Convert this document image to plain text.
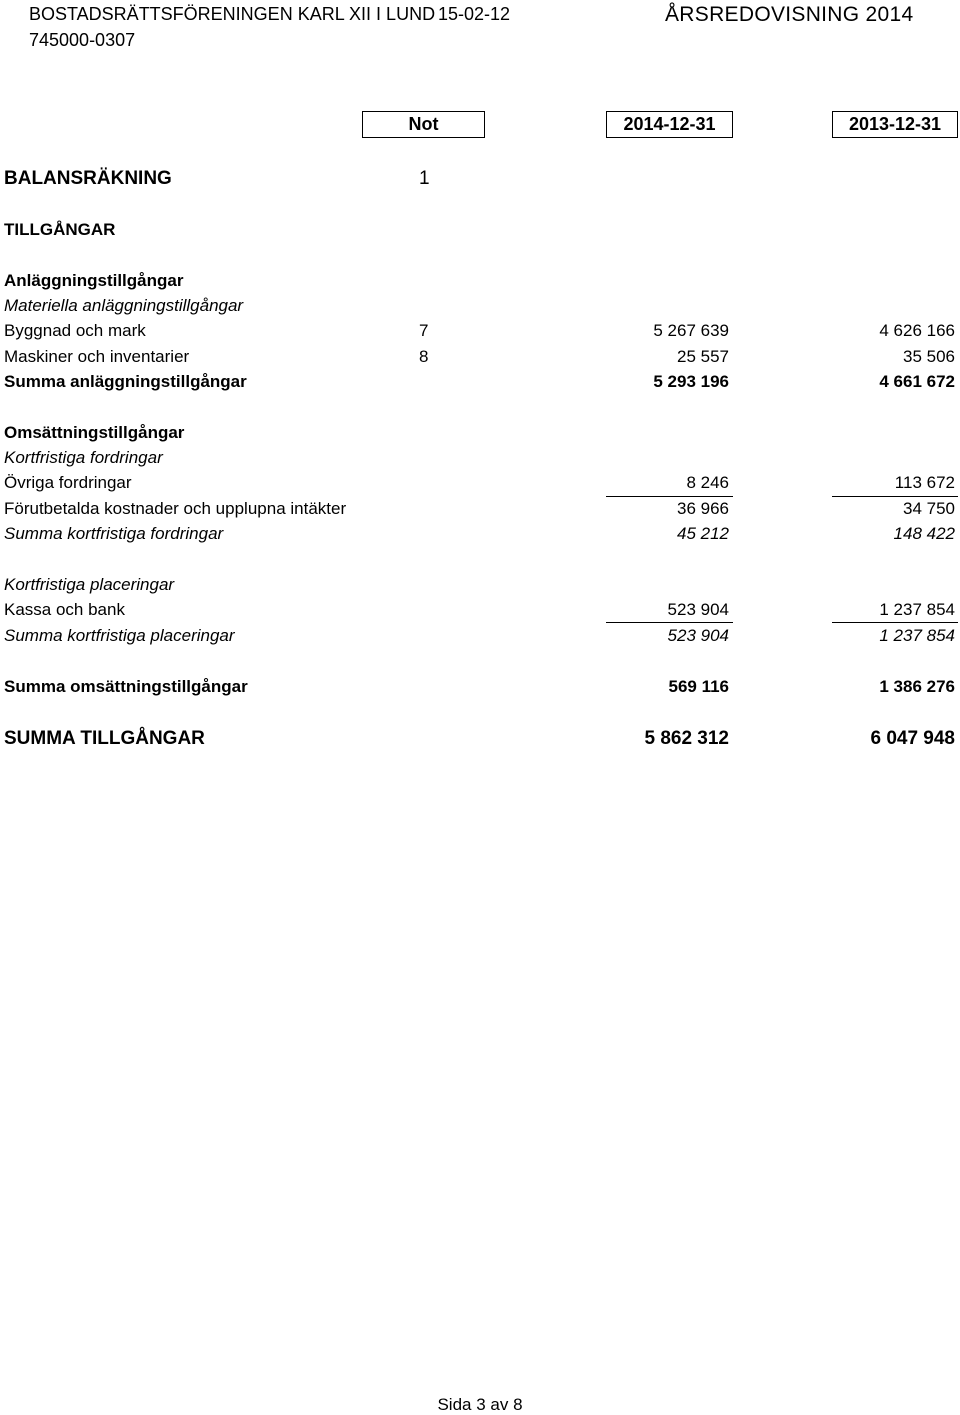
BOSTADSRÄTTSFÖRENINGEN KARL XII I LUND 15-02-12	ÅRSREDOVISNING 2014
745000-0307
Not	2014-12-31	2013-12-31
BALANSRÄKNING	1
TILLGÅNGAR
Anläggningstillgångar
Materiella anläggningstillgångar
Byggnad och mark	7	5 267 639	4 626 166
Maskiner och inventarier	8	25 557	35 506
Summa anläggningstillgångar	5 293 196	4 661 672
Omsättningstillgångar
Kortfristiga fordringar
Övriga fordringar	8 246	113 672
Förutbetalda kostnader och upplupna intäkter	36 966	34 750
Summa kortfristiga fordringar	45 212	148 422
Kortfristiga placeringar
Kassa och bank	523 904	1 237 854
Summa kortfristiga placeringar	523 904	1 237 854
Summa omsättningstillgångar	569 116	1 386 276
SUMMA TILLGÅNGAR	5 862 312	6 047 948
Sida 3 av 8
